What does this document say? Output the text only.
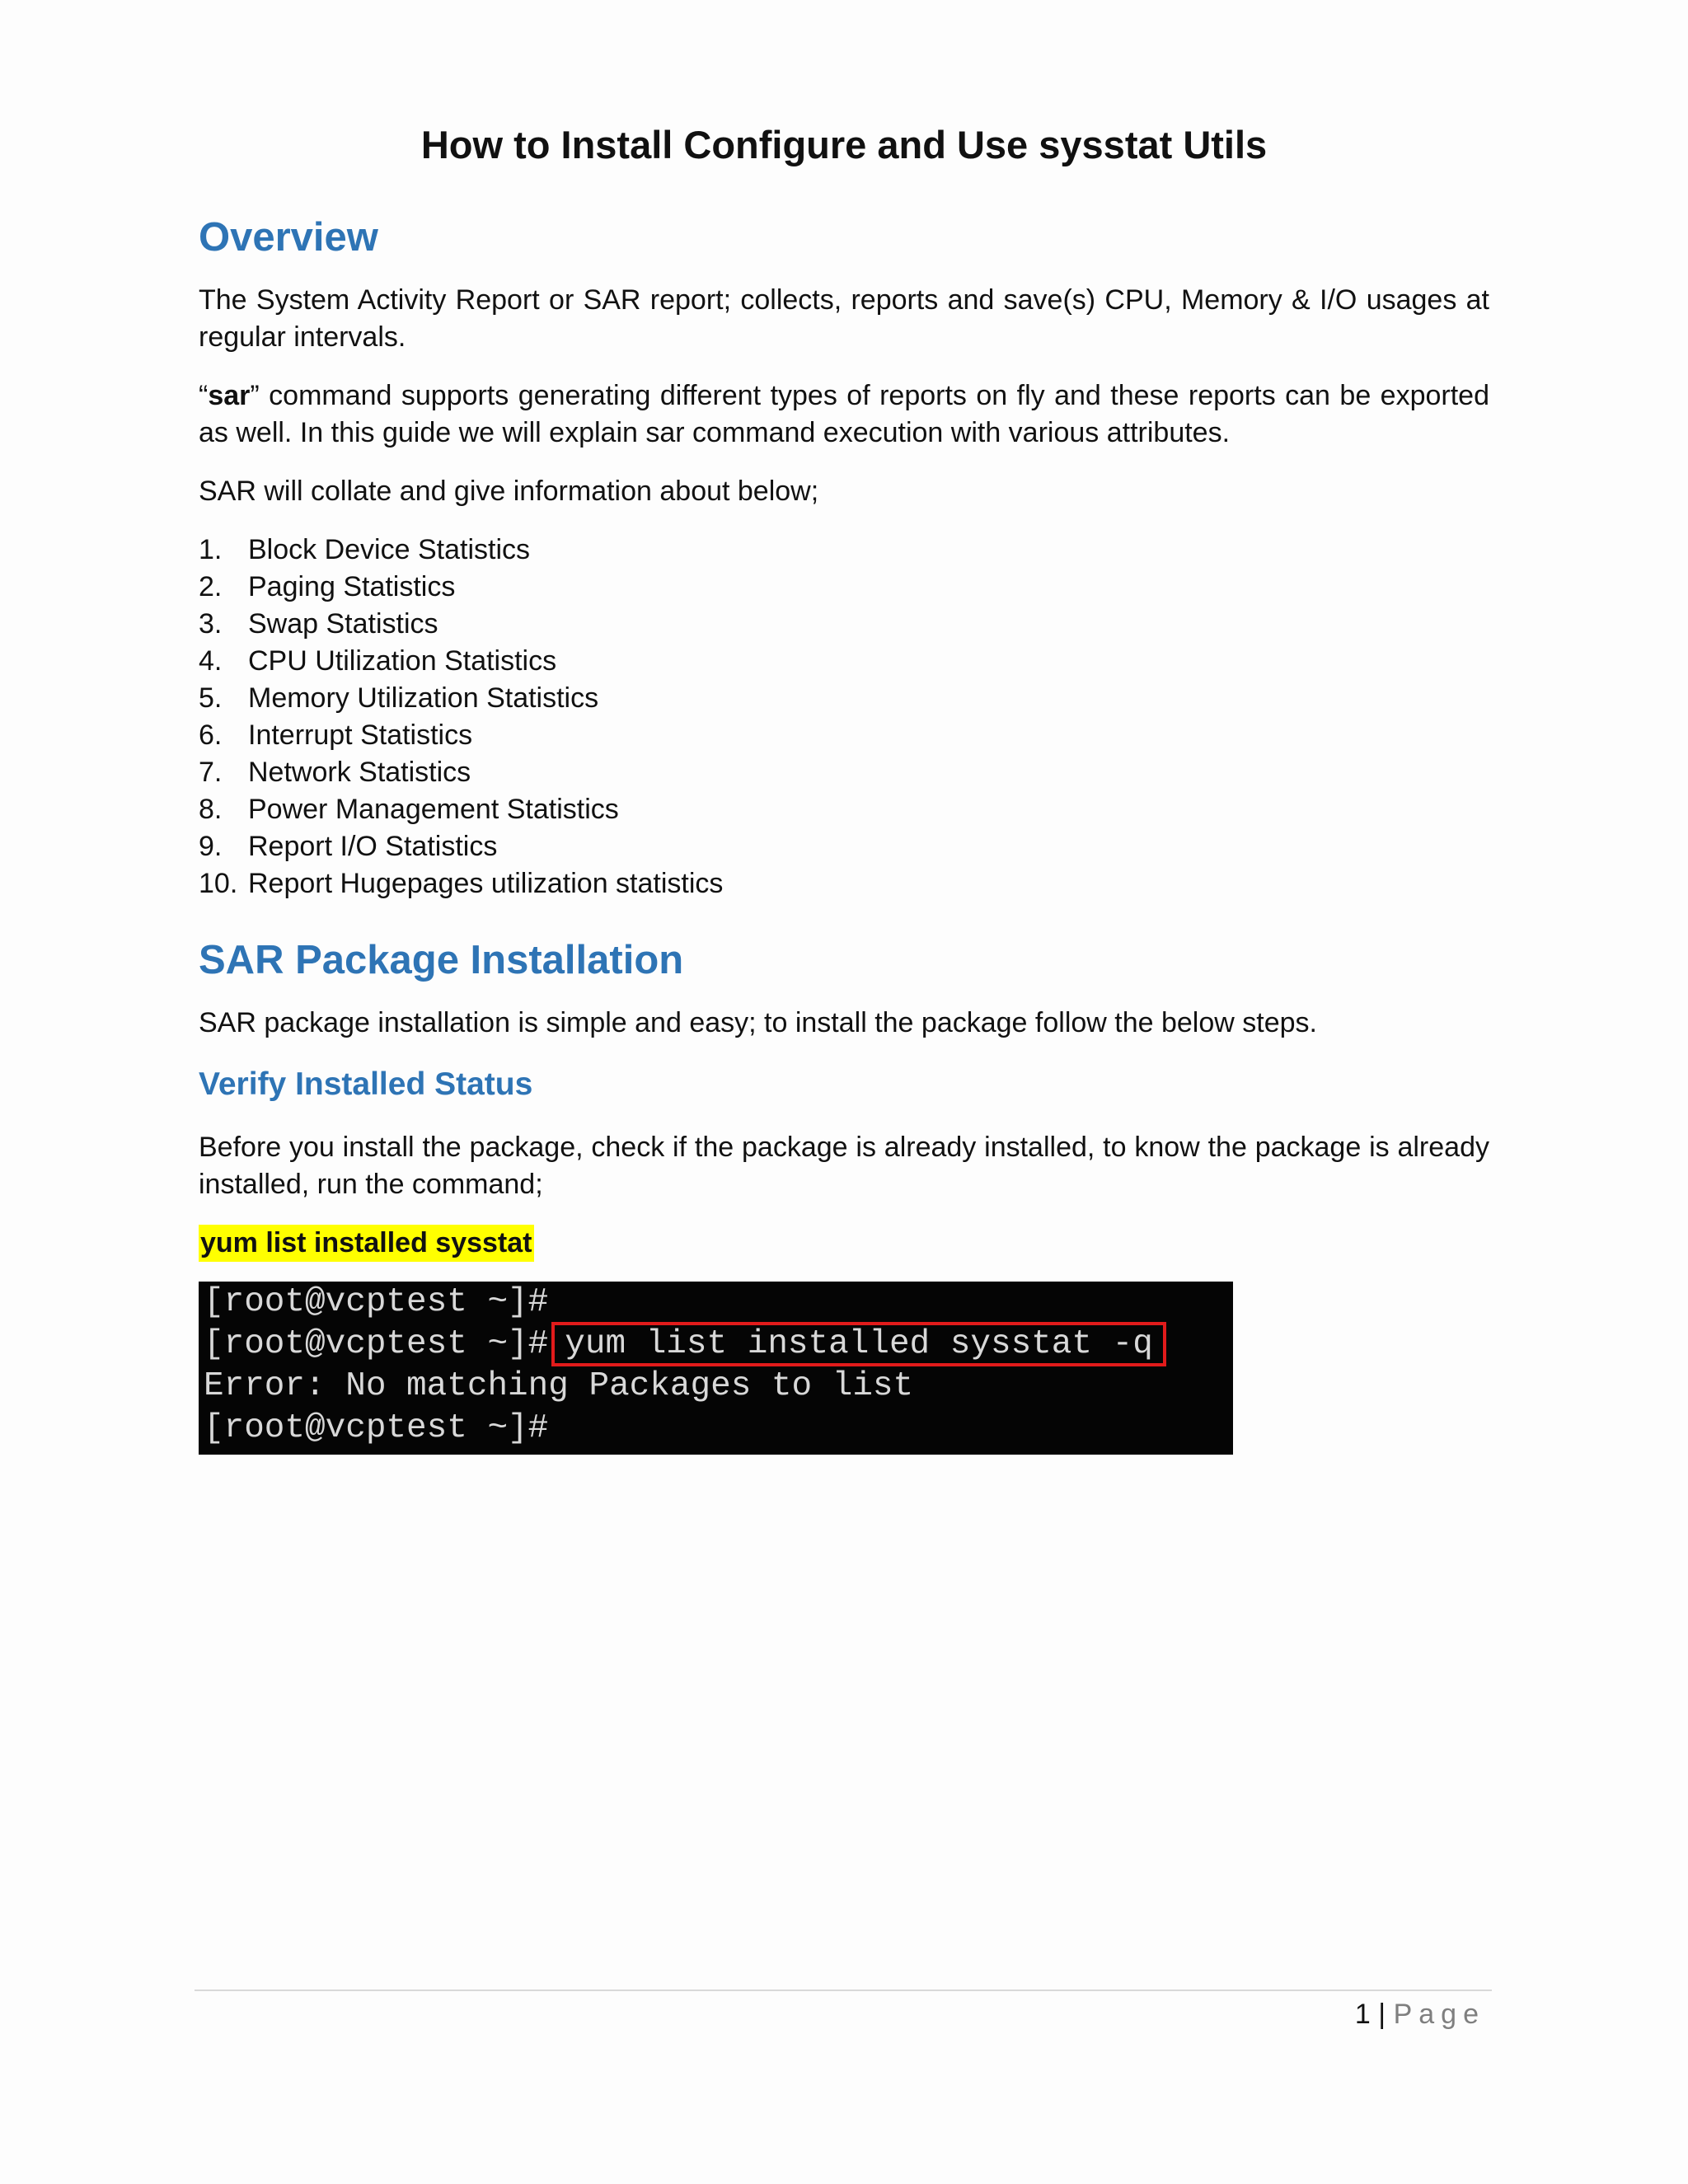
How to Install Configure and Use sysstat Utils
Overview

The System Activity Report or SAR report; collects, reports and save(s) CPU, Memory & I/O usages at regular intervals.

“sar” command supports generating different types of reports on fly and these reports can be exported as well. In this guide we will explain sar command execution with various attributes.

SAR will collate and give information about below;

1. Block Device Statistics
2. Paging Statistics
3. Swap Statistics
4. CPU Utilization Statistics
5. Memory Utilization Statistics
6. Interrupt Statistics
7. Network Statistics
8. Power Management Statistics
9. Report I/O Statistics
10. Report Hugepages utilization statistics
SAR Package Installation

SAR package installation is simple and easy; to install the package follow the below steps.

Verify Installed Status

Before you install the package, check if the package is already installed, to know the package is already installed, run the command;

yum list installed sysstat

[root@vcptest ~]#
[root@vcptest ~]# yum list installed sysstat -q
Error: No matching Packages to list
[root@vcptest ~]#
1 | Page
